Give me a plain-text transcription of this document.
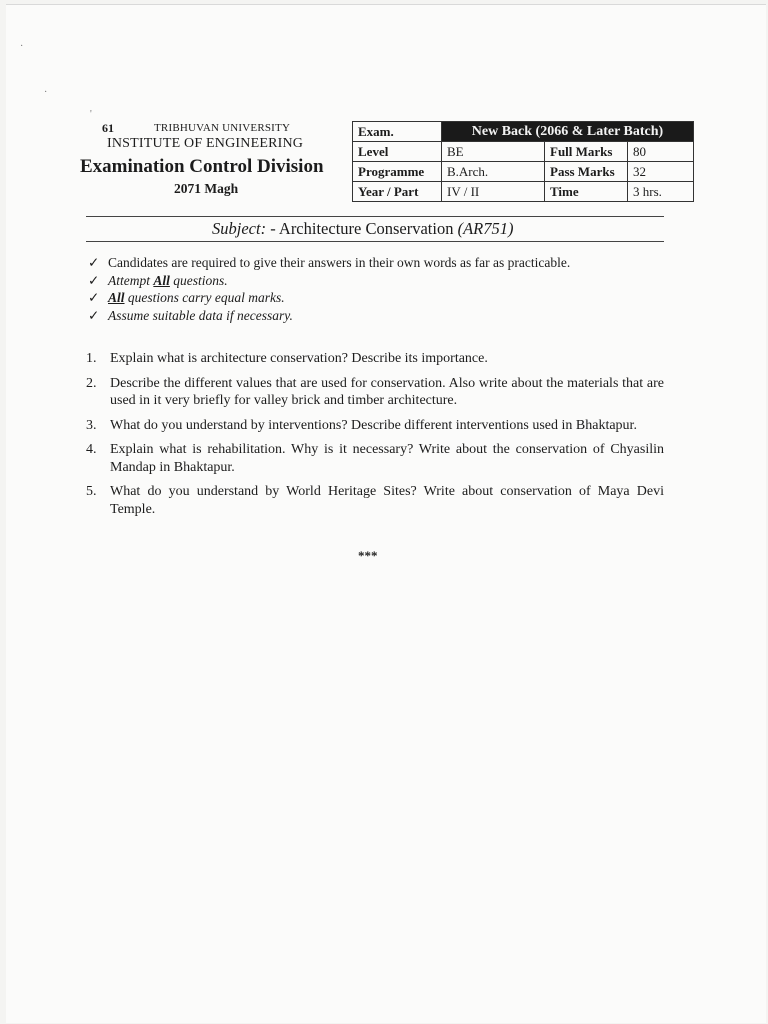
·
·
'
61	TRIBHUVAN UNIVERSITY
INSTITUTE OF ENGINEERING
Examination Control Division
2071 Magh
Exam.	New Back (2066 & Later Batch)		
Level	BE	Full Marks	80
Programme	B.Arch.	Pass Marks	32
Year / Part	IV / II	Time	3 hrs.
Subject: - Architecture Conservation (AR751)
✓ Candidates are required to give their answers in their own words as far as practicable.
✓ Attempt All questions.
✓ All questions carry equal marks.
✓ Assume suitable data if necessary.
1. Explain what is architecture conservation? Describe its importance.
2. Describe the different values that are used for conservation. Also write about the materials that are used in it very briefly for valley brick and timber architecture.
3. What do you understand by interventions? Describe different interventions used in Bhaktapur.
4. Explain what is rehabilitation. Why is it necessary? Write about the conservation of Chyasilin Mandap in Bhaktapur.
5. What do you understand by World Heritage Sites? Write about conservation of Maya Devi Temple.
***
